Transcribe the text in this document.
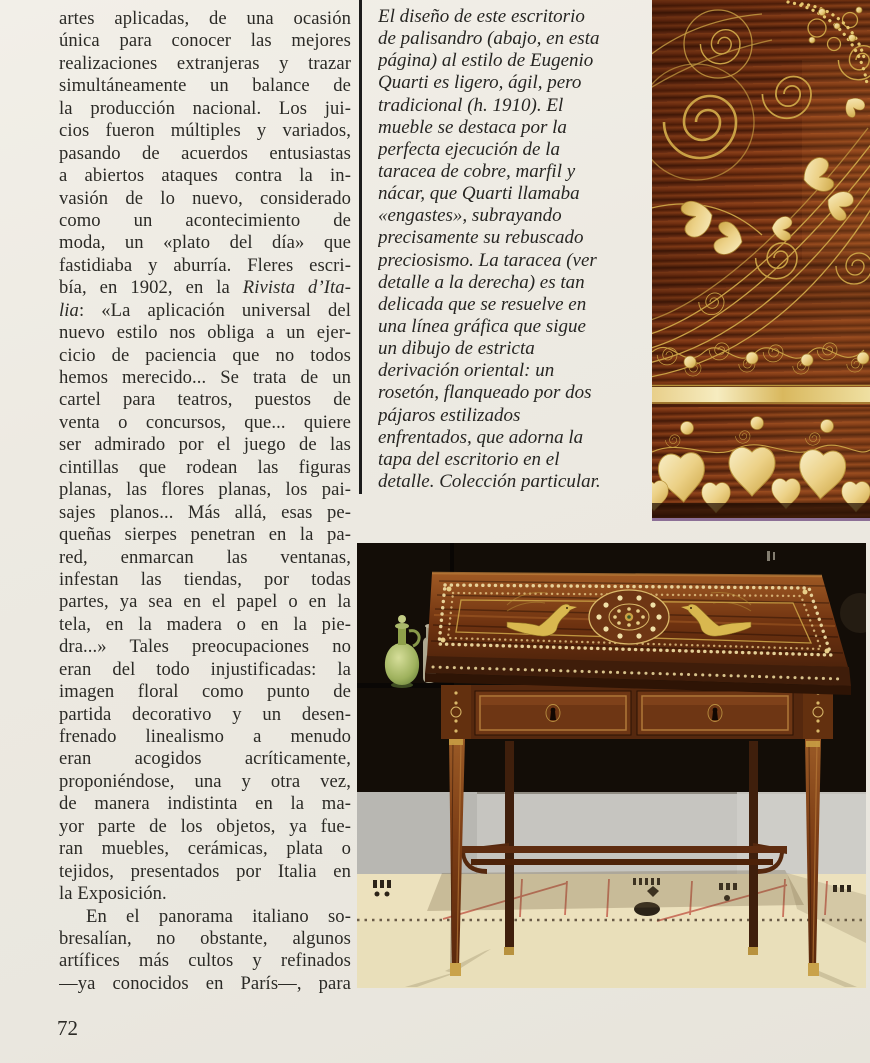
artes aplicadas, de una ocasión
única para conocer las mejores
realizaciones extranjeras y trazar
simultáneamente un balance de
la producción nacional. Los jui-
cios fueron múltiples y variados,
pasando de acuerdos entusiastas
a abiertos ataques contra la in-
vasión de lo nuevo, considerado
como un acontecimiento de
moda, un «plato del día» que
fastidiaba y aburría. Fleres escri-
bía, en 1902, en la Rivista d’Ita-
lia: «La aplicación universal del
nuevo estilo nos obliga a un ejer-
cicio de paciencia que no todos
hemos merecido... Se trata de un
cartel para teatros, puestos de
venta o concursos, que... quiere
ser admirado por el juego de las
cintillas que rodean las figuras
planas, las flores planas, los pai-
sajes planos... Más allá, esas pe-
queñas sierpes penetran en la pa-
red, enmarcan las ventanas,
infestan las tiendas, por todas
partes, ya sea en el papel o en la
tela, en la madera o en la pie-
dra...» Tales preocupaciones no
eran del todo injustificadas: la
imagen floral como punto de
partida decorativo y un desen-
frenado linealismo a menudo
eran acogidos acríticamente,
proponiéndose, una y otra vez,
de manera indistinta en la ma-
yor parte de los objetos, ya fue-
ran muebles, cerámicas, plata o
tejidos, presentados por Italia en
la Exposición.
En el panorama italiano so-
bresalían, no obstante, algunos
artífices más cultos y refinados
—ya conocidos en París—, para
72
El diseño de este escritorio
de palisandro (abajo, en esta
página) al estilo de Eugenio
Quarti es ligero, ágil, pero
tradicional (h. 1910). El
mueble se destaca por la
perfecta ejecución de la
taracea de cobre, marfil y
nácar, que Quarti llamaba
«engastes», subrayando
precisamente su rebuscado
preciosismo. La taracea (ver
detalle a la derecha) es tan
delicada que se resuelve en
una línea gráfica que sigue
un dibujo de estricta
derivación oriental: un
rosetón, flanqueado por dos
pájaros estilizados
enfrentados, que adorna la
tapa del escritorio en el
detalle. Colección particular.
